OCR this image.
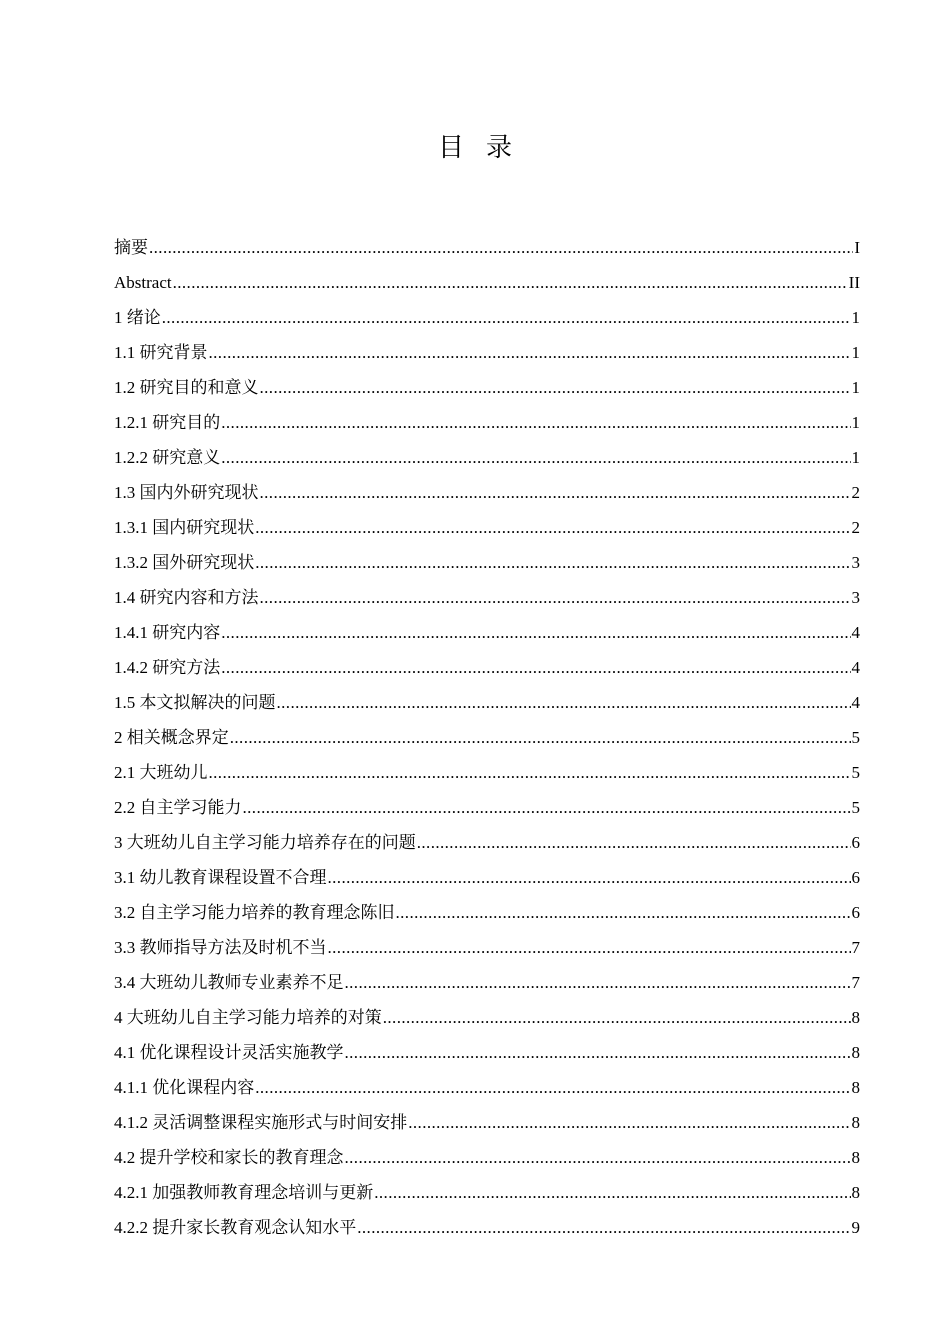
目录
摘要 .....	I
Abstract .....	II
1 绪论 .....	1
1.1 研究背景 .....	1
1.2 研究目的和意义 .....	1
1.2.1 研究目的 .....	1
1.2.2 研究意义 .....	1
1.3 国内外研究现状 .....	2
1.3.1 国内研究现状 .....	2
1.3.2 国外研究现状 .....	3
1.4 研究内容和方法 .....	3
1.4.1 研究内容 .....	4
1.4.2 研究方法 .....	4
1.5 本文拟解决的问题 .....	4
2 相关概念界定 .....	5
2.1 大班幼儿 .....	5
2.2 自主学习能力 .....	5
3 大班幼儿自主学习能力培养存在的问题 .....	6
3.1 幼儿教育课程设置不合理 .....	6
3.2 自主学习能力培养的教育理念陈旧 .....	6
3.3 教师指导方法及时机不当 .....	7
3.4 大班幼儿教师专业素养不足 .....	7
4 大班幼儿自主学习能力培养的对策 .....	8
4.1 优化课程设计灵活实施教学 .....	8
4.1.1 优化课程内容 .....	8
4.1.2 灵活调整课程实施形式与时间安排 .....	8
4.2 提升学校和家长的教育理念 .....	8
4.2.1 加强教师教育理念培训与更新 .....	8
4.2.2 提升家长教育观念认知水平 .....	9
